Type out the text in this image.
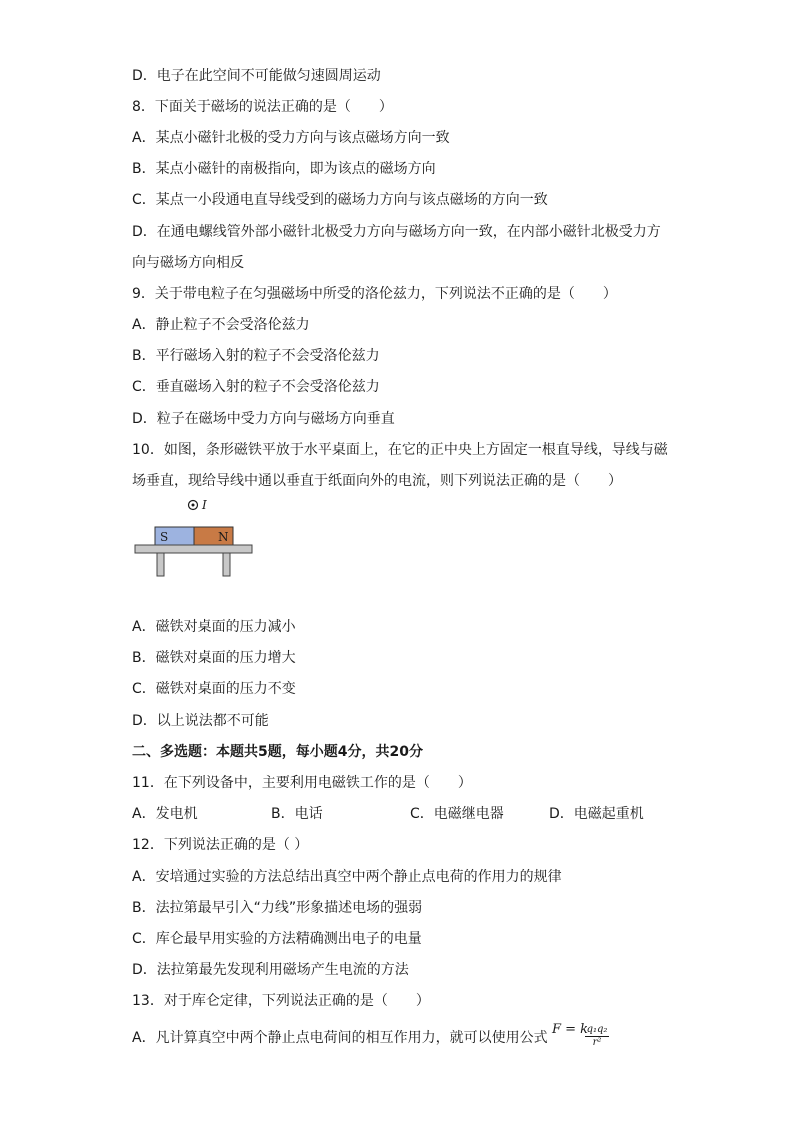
D．电子在此空间不可能做匀速圆周运动
8．下面关于磁场的说法正确的是（　　）
A．某点小磁针北极的受力方向与该点磁场方向一致
B．某点小磁针的南极指向，即为该点的磁场方向
C．某点一小段通电直导线受到的磁场力方向与该点磁场的方向一致
D．在通电螺线管外部小磁针北极受力方向与磁场方向一致，在内部小磁针北极受力方
向与磁场方向相反
9．关于带电粒子在匀强磁场中所受的洛伦兹力，下列说法不正确的是（　　）
A．静止粒子不会受洛伦兹力
B．平行磁场入射的粒子不会受洛伦兹力
C．垂直磁场入射的粒子不会受洛伦兹力
D．粒子在磁场中受力方向与磁场方向垂直
10．如图，条形磁铁平放于水平桌面上，在它的正中央上方固定一根直导线，导线与磁
场垂直，现给导线中通以垂直于纸面向外的电流，则下列说法正确的是（　　）
A．磁铁对桌面的压力减小
B．磁铁对桌面的压力增大
C．磁铁对桌面的压力不变
D．以上说法都不可能
二、多选题：本题共5题，每小题4分，共20分
11．在下列设备中，主要利用电磁铁工作的是（　　）
12．下列说法正确的是（ ）
A．安培通过实验的方法总结出真空中两个静止点电荷的作用力的规律
B．法拉第最早引入“力线”形象描述电场的强弱
C．库仑最早用实验的方法精确测出电子的电量
D．法拉第最先发现利用磁场产生电流的方法
13．对于库仑定律，下列说法正确的是（　　）
A．凡计算真空中两个静止点电荷间的相互作用力，就可以使用公式
A．发电机	B．电话	C．电磁继电器	D．电磁起重机
I
S	N
F = k
$\frac{\text{q₁q₂}}{\text{r²}}$
